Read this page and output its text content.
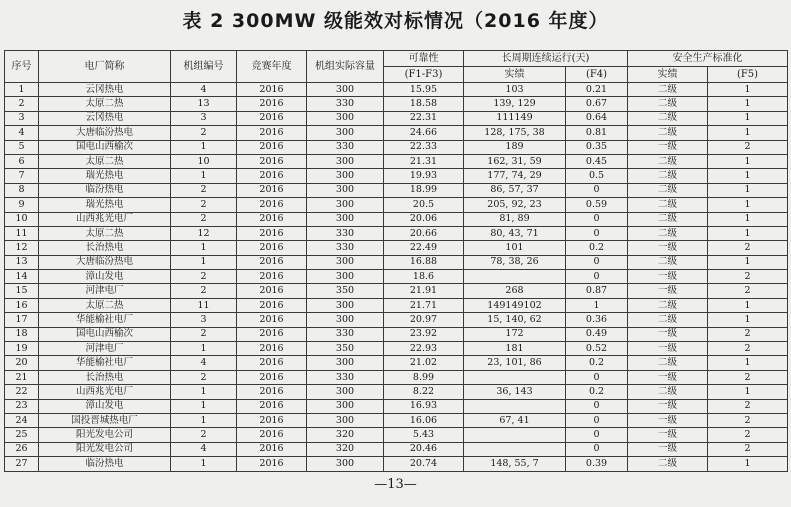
表 2 300MW 级能效对标情况（2016 年度）
序号	电厂简称	机组编号	竞赛年度	机组实际容量	可靠性	长周期连续运行(天)		安全生产标准化	
					(F1-F3)	实绩	(F4)	实绩	(F5)
1	云冈热电	4	2016	300	15.95	103	0.21	二级	1
2	太原二热	13	2016	330	18.58	139, 129	0.67	二级	1
3	云冈热电	3	2016	300	22.31	111149	0.64	二级	1
4	大唐临汾热电	2	2016	300	24.66	128, 175, 38	0.81	二级	1
5	国电山西榆次	1	2016	330	22.33	189	0.35	一级	2
6	太原二热	10	2016	300	21.31	162, 31, 59	0.45	二级	1
7	瑞光热电	1	2016	300	19.93	177, 74, 29	0.5	二级	1
8	临汾热电	2	2016	300	18.99	86, 57, 37	0	二级	1
9	瑞光热电	2	2016	300	20.5	205, 92, 23	0.59	二级	1
10	山西兆光电厂	2	2016	300	20.06	81, 89	0	二级	1
11	太原二热	12	2016	330	20.66	80, 43, 71	0	二级	1
12	长治热电	1	2016	330	22.49	101	0.2	一级	2
13	大唐临汾热电	1	2016	300	16.88	78, 38, 26	0	二级	1
14	漳山发电	2	2016	300	18.6		0	一级	2
15	河津电厂	2	2016	350	21.91	268	0.87	一级	2
16	太原二热	11	2016	300	21.71	149149102	1	二级	1
17	华能榆社电厂	3	2016	300	20.97	15, 140, 62	0.36	二级	1
18	国电山西榆次	2	2016	330	23.92	172	0.49	一级	2
19	河津电厂	1	2016	350	22.93	181	0.52	一级	2
20	华能榆社电厂	4	2016	300	21.02	23, 101, 86	0.2	二级	1
21	长治热电	2	2016	330	8.99		0	一级	2
22	山西兆光电厂	1	2016	300	8.22	36, 143	0.2	二级	1
23	漳山发电	1	2016	300	16.93		0	一级	2
24	国投晋城热电厂	1	2016	300	16.06	67, 41	0	一级	2
25	阳光发电公司	2	2016	320	5.43		0	一级	2
26	阳光发电公司	4	2016	320	20.46		0	一级	2
27	临汾热电	1	2016	300	20.74	148, 55, 7	0.39	二级	1
—13—
